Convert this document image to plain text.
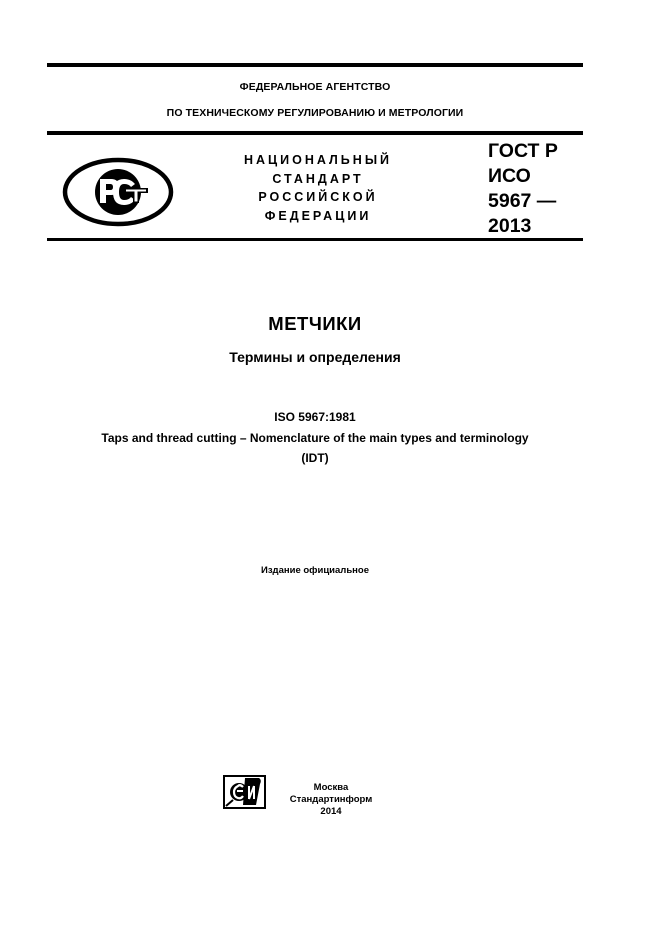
ФЕДЕРАЛЬНОЕ АГЕНТСТВО
ПО ТЕХНИЧЕСКОМУ РЕГУЛИРОВАНИЮ И МЕТРОЛОГИИ
НАЦИОНАЛЬНЫЙ
СТАНДАРТ
РОССИЙСКОЙ
ФЕДЕРАЦИИ
ГОСТ Р
ИСО
5967 —
2013
МЕТЧИКИ
Термины и определения
ISO 5967:1981
Taps and thread cutting – Nomenclature of the main types and terminology
(IDT)
Издание официальное
Москва
Стандартинформ
2014
